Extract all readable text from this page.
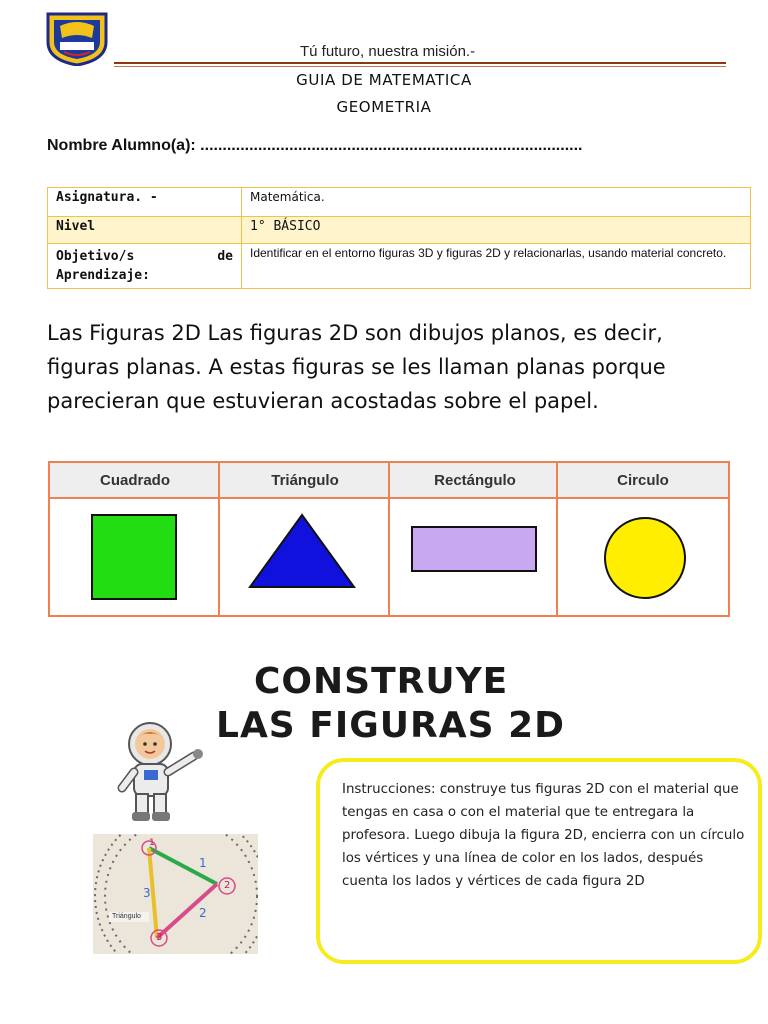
Tú futuro, nuestra misión.-
GUIA DE MATEMATICA
GEOMETRIA
Nombre Alumno(a): ......................................................................................
Asignatura. -	Matemática.
Nivel	1° BÁSICO

Objetivo/s de
Aprendizaje:	Identificar en el entorno figuras 3D y figuras 2D y relacionarlas, usando material concreto.
Las Figuras 2D Las figuras 2D son dibujos planos, es decir, figuras planas. A estas figuras se les llaman planas porque parecieran que estuvieran acostadas sobre el papel.
Cuadrado	Triángulo	Rectángulo	Circulo
CONSTRUYE
LAS FIGURAS 2D
1
2
3
1
2
3
Triángulo
Instrucciones: construye tus figuras 2D con el material que tengas en casa o con el material que te entregara la profesora. Luego dibuja la figura 2D, encierra con un círculo los vértices y una línea de color en los lados, después cuenta los lados y vértices de cada figura 2D
